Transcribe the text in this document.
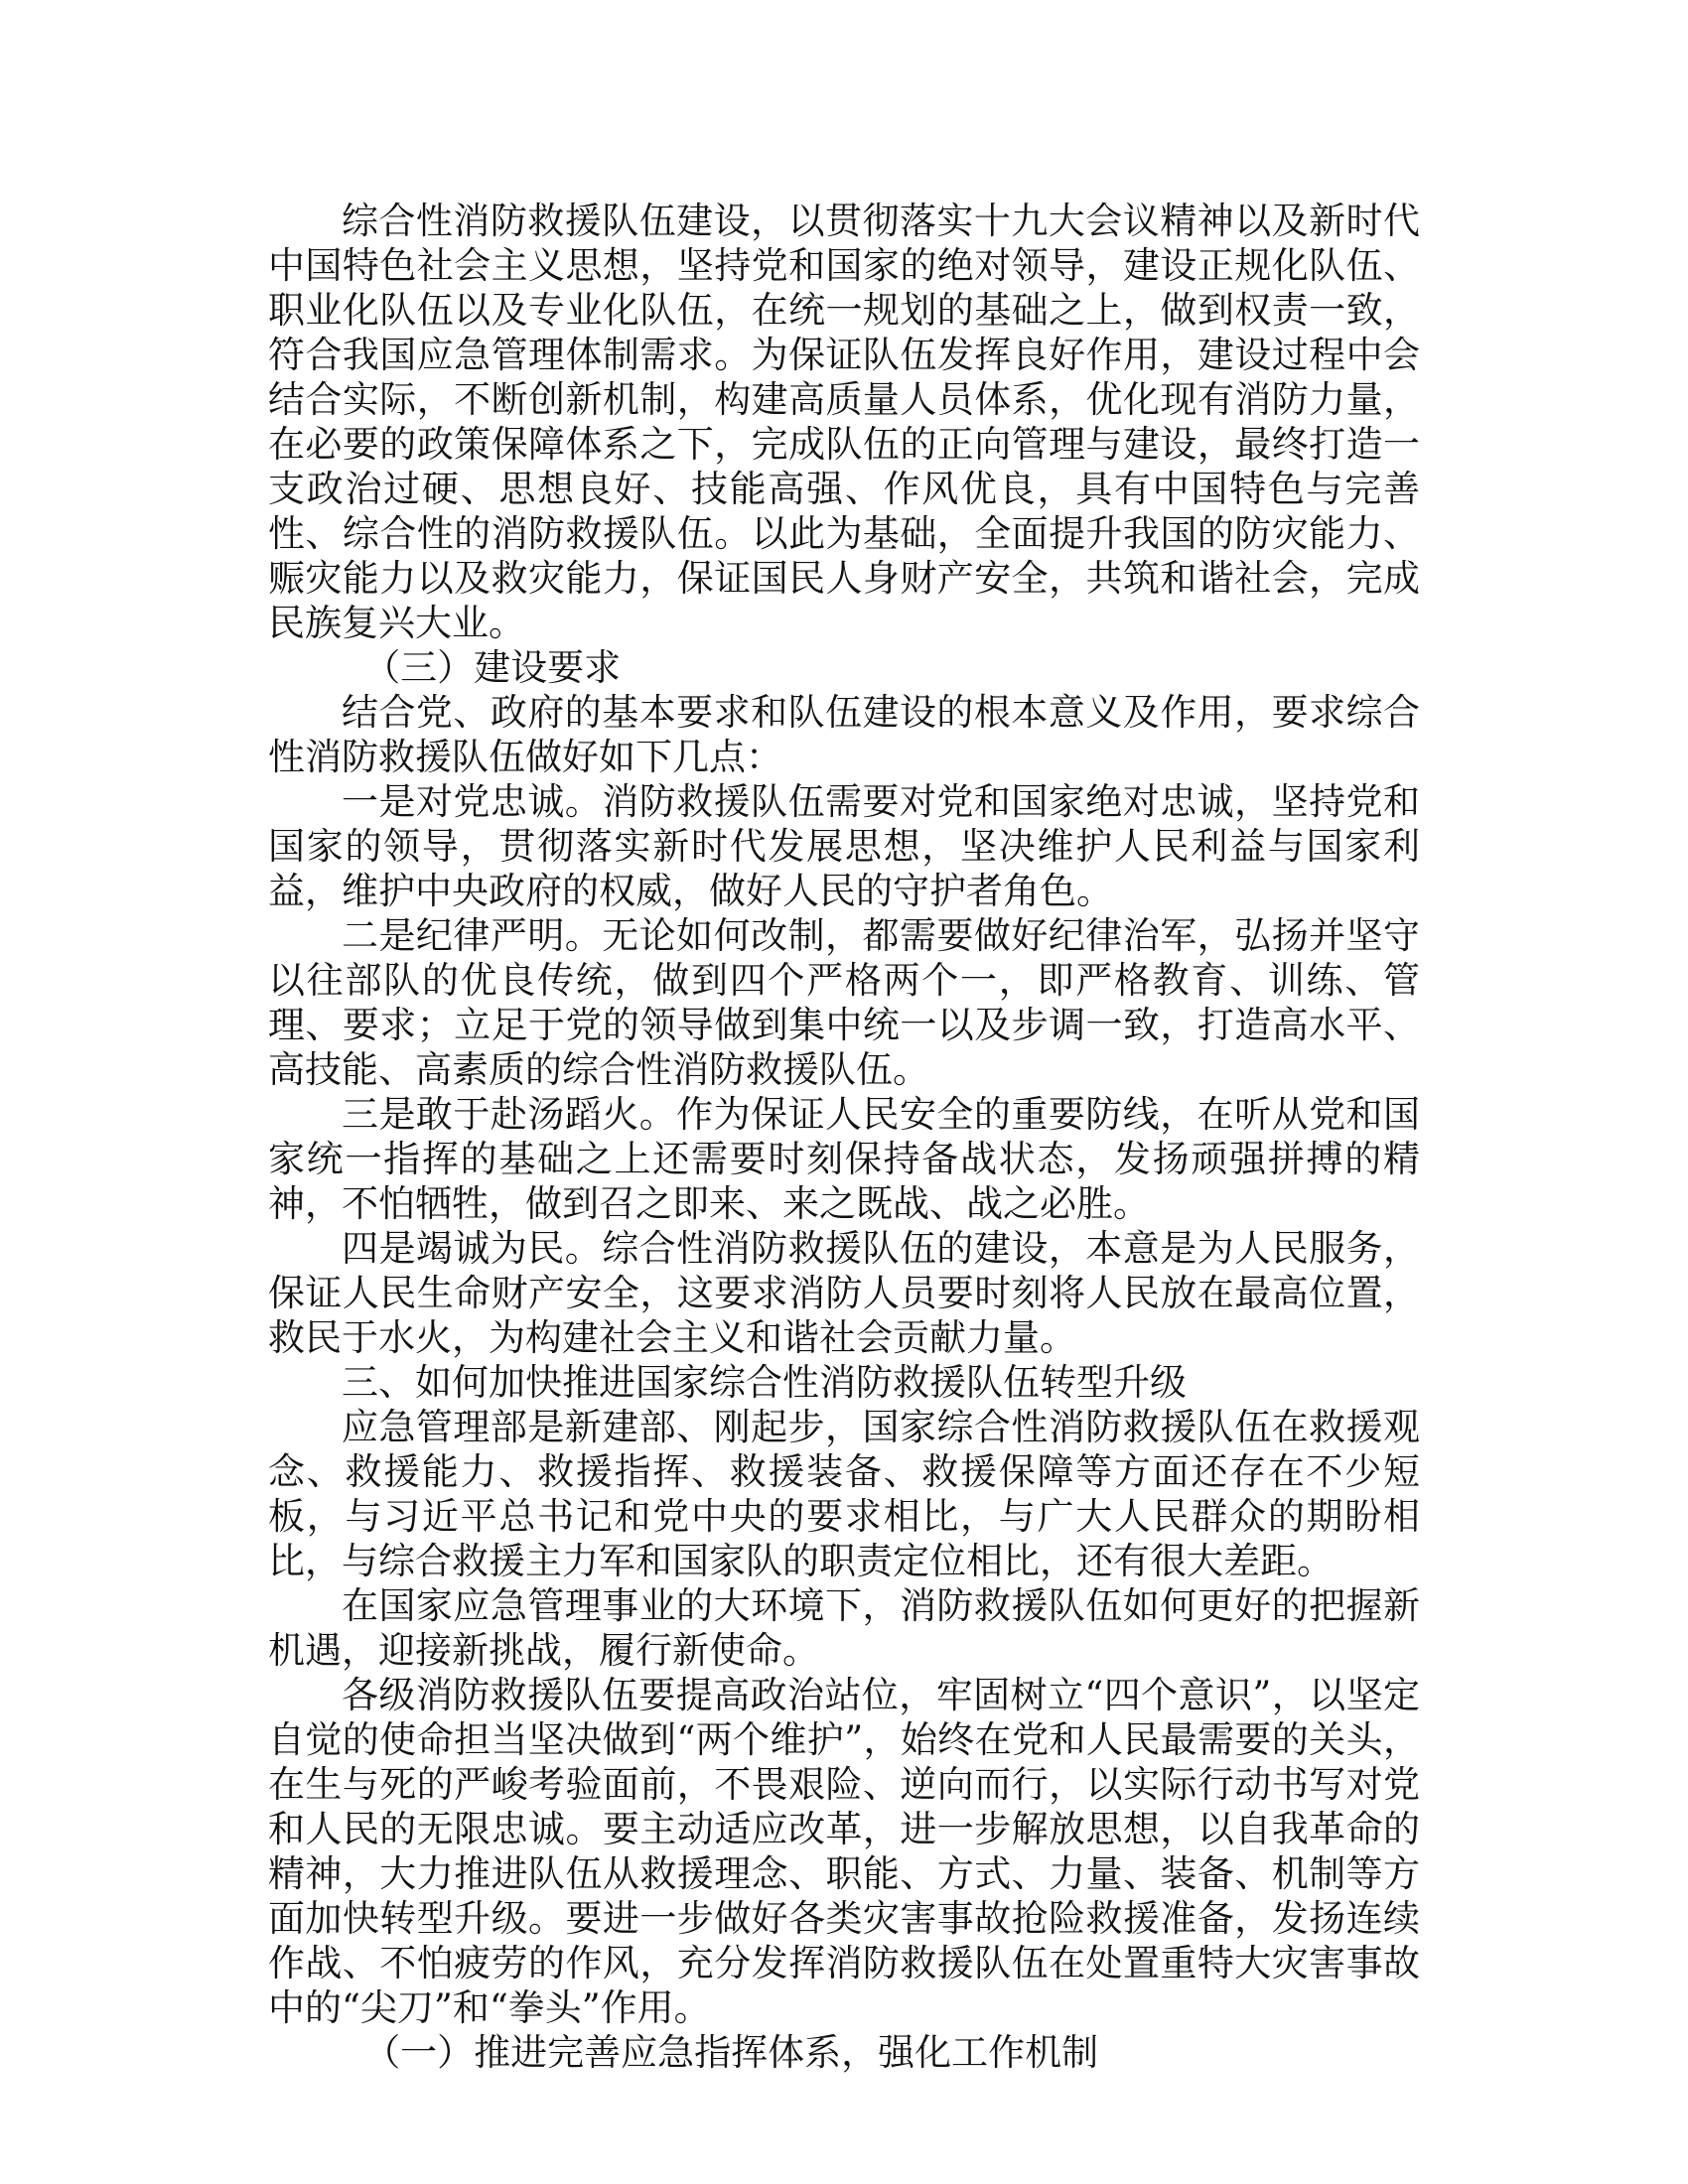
综合性消防救援队伍建设，以贯彻落实十九大会议精神以及新时代中国特色社会主义思想，坚持党和国家的绝对领导，建设正规化队伍、职业化队伍以及专业化队伍，在统一规划的基础之上，做到权责一致，符合我国应急管理体制需求。为保证队伍发挥良好作用，建设过程中会结合实际，不断创新机制，构建高质量人员体系，优化现有消防力量，在必要的政策保障体系之下，完成队伍的正向管理与建设，最终打造一支政治过硬、思想良好、技能高强、作风优良，具有中国特色与完善性、综合性的消防救援队伍。以此为基础，全面提升我国的防灾能力、赈灾能力以及救灾能力，保证国民人身财产安全，共筑和谐社会，完成民族复兴大业。

（三）建设要求

结合党、政府的基本要求和队伍建设的根本意义及作用，要求综合性消防救援队伍做好如下几点：

一是对党忠诚。消防救援队伍需要对党和国家绝对忠诚，坚持党和国家的领导，贯彻落实新时代发展思想，坚决维护人民利益与国家利益，维护中央政府的权威，做好人民的守护者角色。

二是纪律严明。无论如何改制，都需要做好纪律治军，弘扬并坚守以往部队的优良传统，做到四个严格两个一，即严格教育、训练、管理、要求；立足于党的领导做到集中统一以及步调一致，打造高水平、高技能、高素质的综合性消防救援队伍。

三是敢于赴汤蹈火。作为保证人民安全的重要防线，在听从党和国家统一指挥的基础之上还需要时刻保持备战状态，发扬顽强拼搏的精神，不怕牺牲，做到召之即来、来之既战、战之必胜。

四是竭诚为民。综合性消防救援队伍的建设，本意是为人民服务，保证人民生命财产安全，这要求消防人员要时刻将人民放在最高位置，救民于水火，为构建社会主义和谐社会贡献力量。

三、如何加快推进国家综合性消防救援队伍转型升级

应急管理部是新建部、刚起步，国家综合性消防救援队伍在救援观念、救援能力、救援指挥、救援装备、救援保障等方面还存在不少短板，与习近平总书记和党中央的要求相比，与广大人民群众的期盼相比，与综合救援主力军和国家队的职责定位相比，还有很大差距。

在国家应急管理事业的大环境下，消防救援队伍如何更好的把握新机遇，迎接新挑战，履行新使命。

各级消防救援队伍要提高政治站位，牢固树立“四个意识”，以坚定自觉的使命担当坚决做到“两个维护”，始终在党和人民最需要的关头，在生与死的严峻考验面前，不畏艰险、逆向而行，以实际行动书写对党和人民的无限忠诚。要主动适应改革，进一步解放思想，以自我革命的精神，大力推进队伍从救援理念、职能、方式、力量、装备、机制等方面加快转型升级。要进一步做好各类灾害事故抢险救援准备，发扬连续作战、不怕疲劳的作风，充分发挥消防救援队伍在处置重特大灾害事故中的“尖刀”和“拳头”作用。

（一）推进完善应急指挥体系，强化工作机制
